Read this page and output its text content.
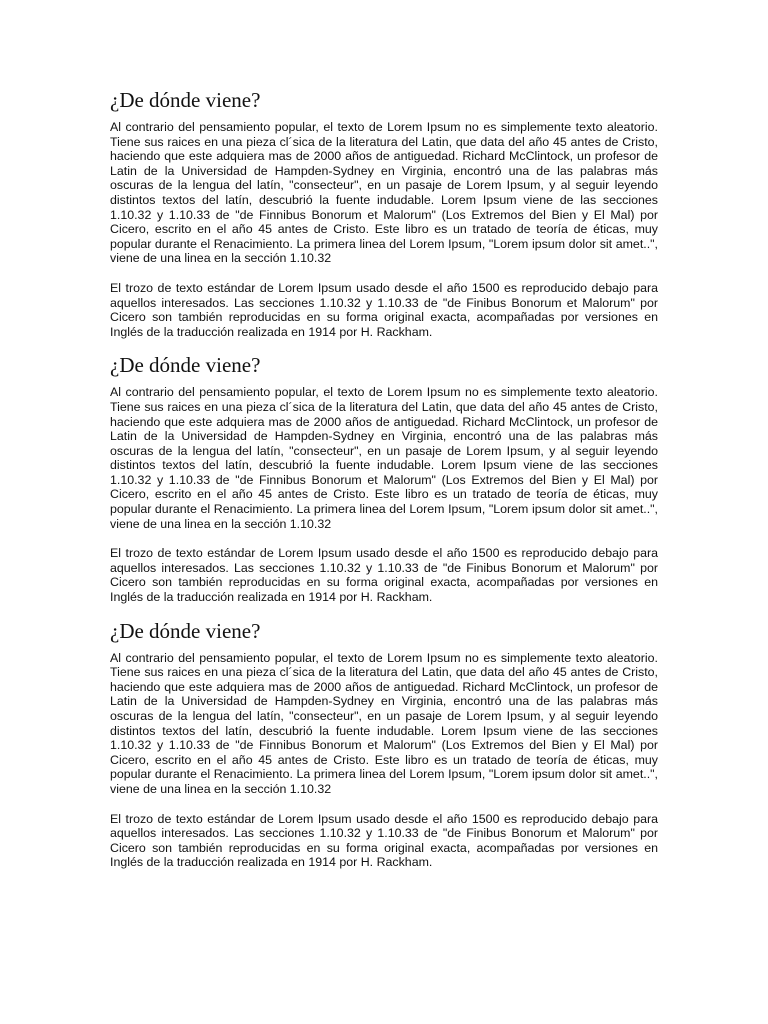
¿De dónde viene?

Al contrario del pensamiento popular, el texto de Lorem Ipsum no es simplemente texto aleatorio. Tiene sus raices en una pieza cl´sica de la literatura del Latin, que data del año 45 antes de Cristo, haciendo que este adquiera mas de 2000 años de antiguedad. Richard McClintock, un profesor de Latin de la Universidad de Hampden-Sydney en Virginia, encontró una de las palabras más oscuras de la lengua del latín, "consecteur", en un pasaje de Lorem Ipsum, y al seguir leyendo distintos textos del latín, descubrió la fuente indudable. Lorem Ipsum viene de las secciones 1.10.32 y 1.10.33 de "de Finnibus Bonorum et Malorum" (Los Extremos del Bien y El Mal) por Cicero, escrito en el año 45 antes de Cristo. Este libro es un tratado de teoría de éticas, muy popular durante el Renacimiento. La primera linea del Lorem Ipsum, "Lorem ipsum dolor sit amet..", viene de una linea en la sección 1.10.32

El trozo de texto estándar de Lorem Ipsum usado desde el año 1500 es reproducido debajo para aquellos interesados. Las secciones 1.10.32 y 1.10.33 de "de Finibus Bonorum et Malorum" por Cicero son también reproducidas en su forma original exacta, acompañadas por versiones en Inglés de la traducción realizada en 1914 por H. Rackham.

¿De dónde viene?

Al contrario del pensamiento popular, el texto de Lorem Ipsum no es simplemente texto aleatorio. Tiene sus raices en una pieza cl´sica de la literatura del Latin, que data del año 45 antes de Cristo, haciendo que este adquiera mas de 2000 años de antiguedad. Richard McClintock, un profesor de Latin de la Universidad de Hampden-Sydney en Virginia, encontró una de las palabras más oscuras de la lengua del latín, "consecteur", en un pasaje de Lorem Ipsum, y al seguir leyendo distintos textos del latín, descubrió la fuente indudable. Lorem Ipsum viene de las secciones 1.10.32 y 1.10.33 de "de Finnibus Bonorum et Malorum" (Los Extremos del Bien y El Mal) por Cicero, escrito en el año 45 antes de Cristo. Este libro es un tratado de teoría de éticas, muy popular durante el Renacimiento. La primera linea del Lorem Ipsum, "Lorem ipsum dolor sit amet..", viene de una linea en la sección 1.10.32

El trozo de texto estándar de Lorem Ipsum usado desde el año 1500 es reproducido debajo para aquellos interesados. Las secciones 1.10.32 y 1.10.33 de "de Finibus Bonorum et Malorum" por Cicero son también reproducidas en su forma original exacta, acompañadas por versiones en Inglés de la traducción realizada en 1914 por H. Rackham.

¿De dónde viene?

Al contrario del pensamiento popular, el texto de Lorem Ipsum no es simplemente texto aleatorio. Tiene sus raices en una pieza cl´sica de la literatura del Latin, que data del año 45 antes de Cristo, haciendo que este adquiera mas de 2000 años de antiguedad. Richard McClintock, un profesor de Latin de la Universidad de Hampden-Sydney en Virginia, encontró una de las palabras más oscuras de la lengua del latín, "consecteur", en un pasaje de Lorem Ipsum, y al seguir leyendo distintos textos del latín, descubrió la fuente indudable. Lorem Ipsum viene de las secciones 1.10.32 y 1.10.33 de "de Finnibus Bonorum et Malorum" (Los Extremos del Bien y El Mal) por Cicero, escrito en el año 45 antes de Cristo. Este libro es un tratado de teoría de éticas, muy popular durante el Renacimiento. La primera linea del Lorem Ipsum, "Lorem ipsum dolor sit amet..", viene de una linea en la sección 1.10.32

El trozo de texto estándar de Lorem Ipsum usado desde el año 1500 es reproducido debajo para aquellos interesados. Las secciones 1.10.32 y 1.10.33 de "de Finibus Bonorum et Malorum" por Cicero son también reproducidas en su forma original exacta, acompañadas por versiones en Inglés de la traducción realizada en 1914 por H. Rackham.
